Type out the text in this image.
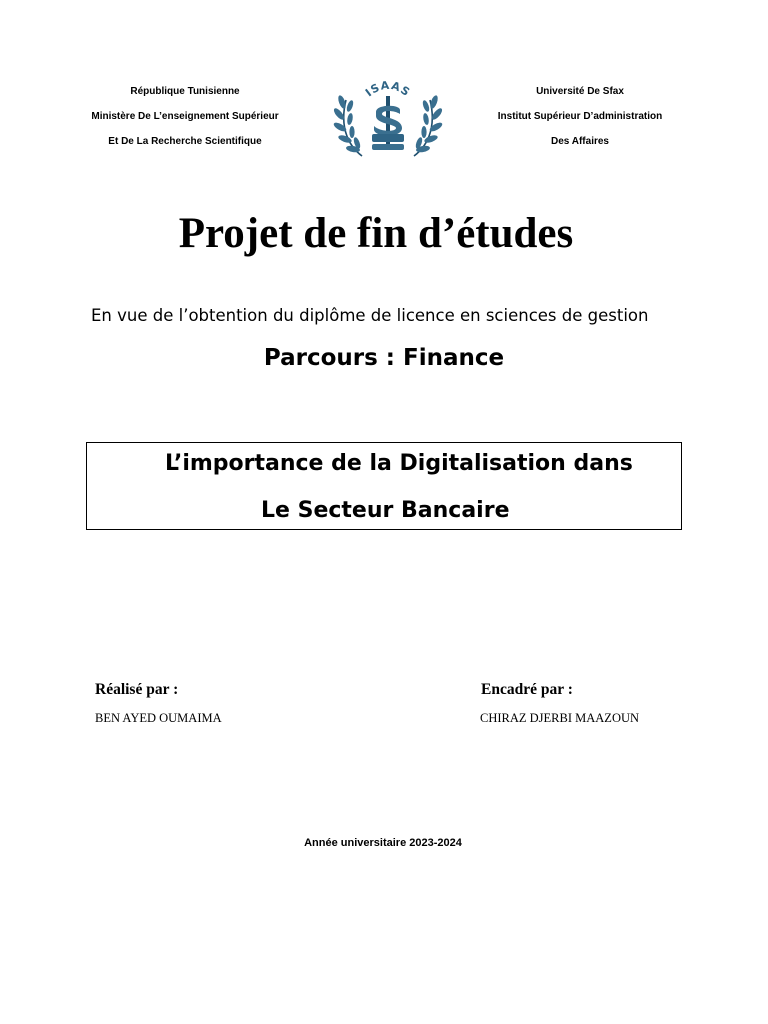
République Tunisienne
Ministère De L’enseignement Supérieur
Et De La Recherche Scientifique
ISAAS	Université De Sfax
Institut Supérieur D’administration
Des Affaires
Projet de fin d’études
En vue de l’obtention du diplôme de licence en sciences de gestion
Parcours : Finance
L’importance de la Digitalisation dans
Le Secteur Bancaire
Réalisé par :
BEN AYED OUMAIMA
Encadré par :
CHIRAZ DJERBI MAAZOUN
Année universitaire 2023-2024
